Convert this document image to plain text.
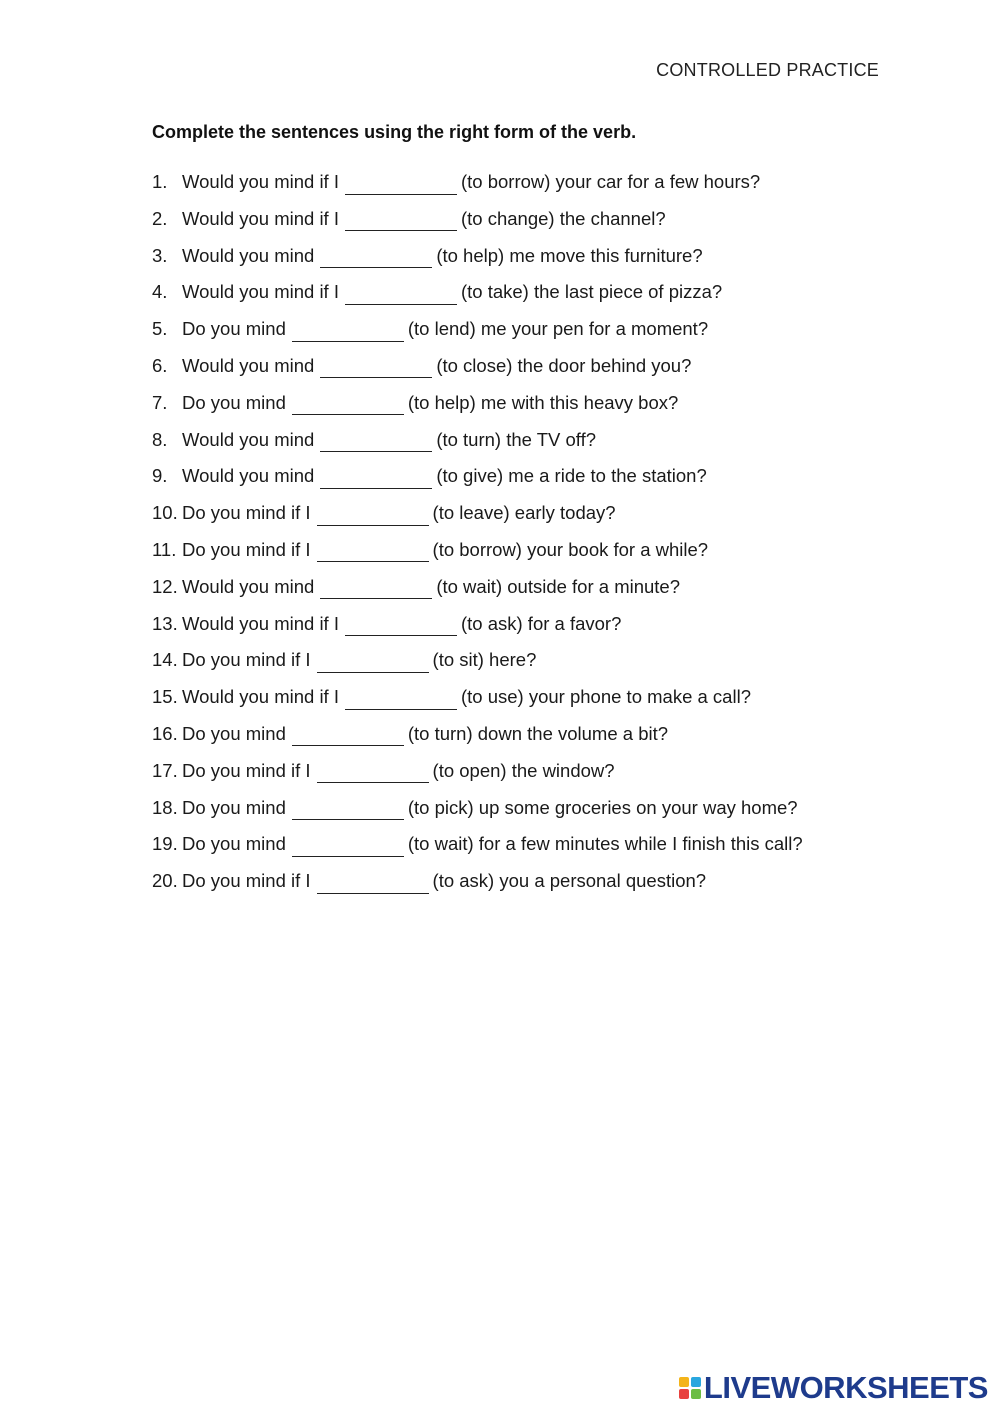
CONTROLLED PRACTICE
Complete the sentences using the right form of the verb.
1. Would you mind if I	(to borrow) your car for a few hours?
2. Would you mind if I	(to change) the channel?
3. Would you mind	(to help) me move this furniture?
4. Would you mind if I	(to take) the last piece of pizza?
5. Do you mind	(to lend) me your pen for a moment?
6. Would you mind	(to close) the door behind you?
7. Do you mind	(to help) me with this heavy box?
8. Would you mind	(to turn) the TV off?
9. Would you mind	(to give) me a ride to the station?
10. Do you mind if I	(to leave) early today?
11. Do you mind if I	(to borrow) your book for a while?
12. Would you mind	(to wait) outside for a minute?
13. Would you mind if I	(to ask) for a favor?
14. Do you mind if I	(to sit) here?
15. Would you mind if I	(to use) your phone to make a call?
16. Do you mind	(to turn) down the volume a bit?
17. Do you mind if I	(to open) the window?
18. Do you mind	(to pick) up some groceries on your way home?
19. Do you mind	(to wait) for a few minutes while I finish this call?
20. Do you mind if I	(to ask) you a personal question?
LIVEWORKSHEETS
